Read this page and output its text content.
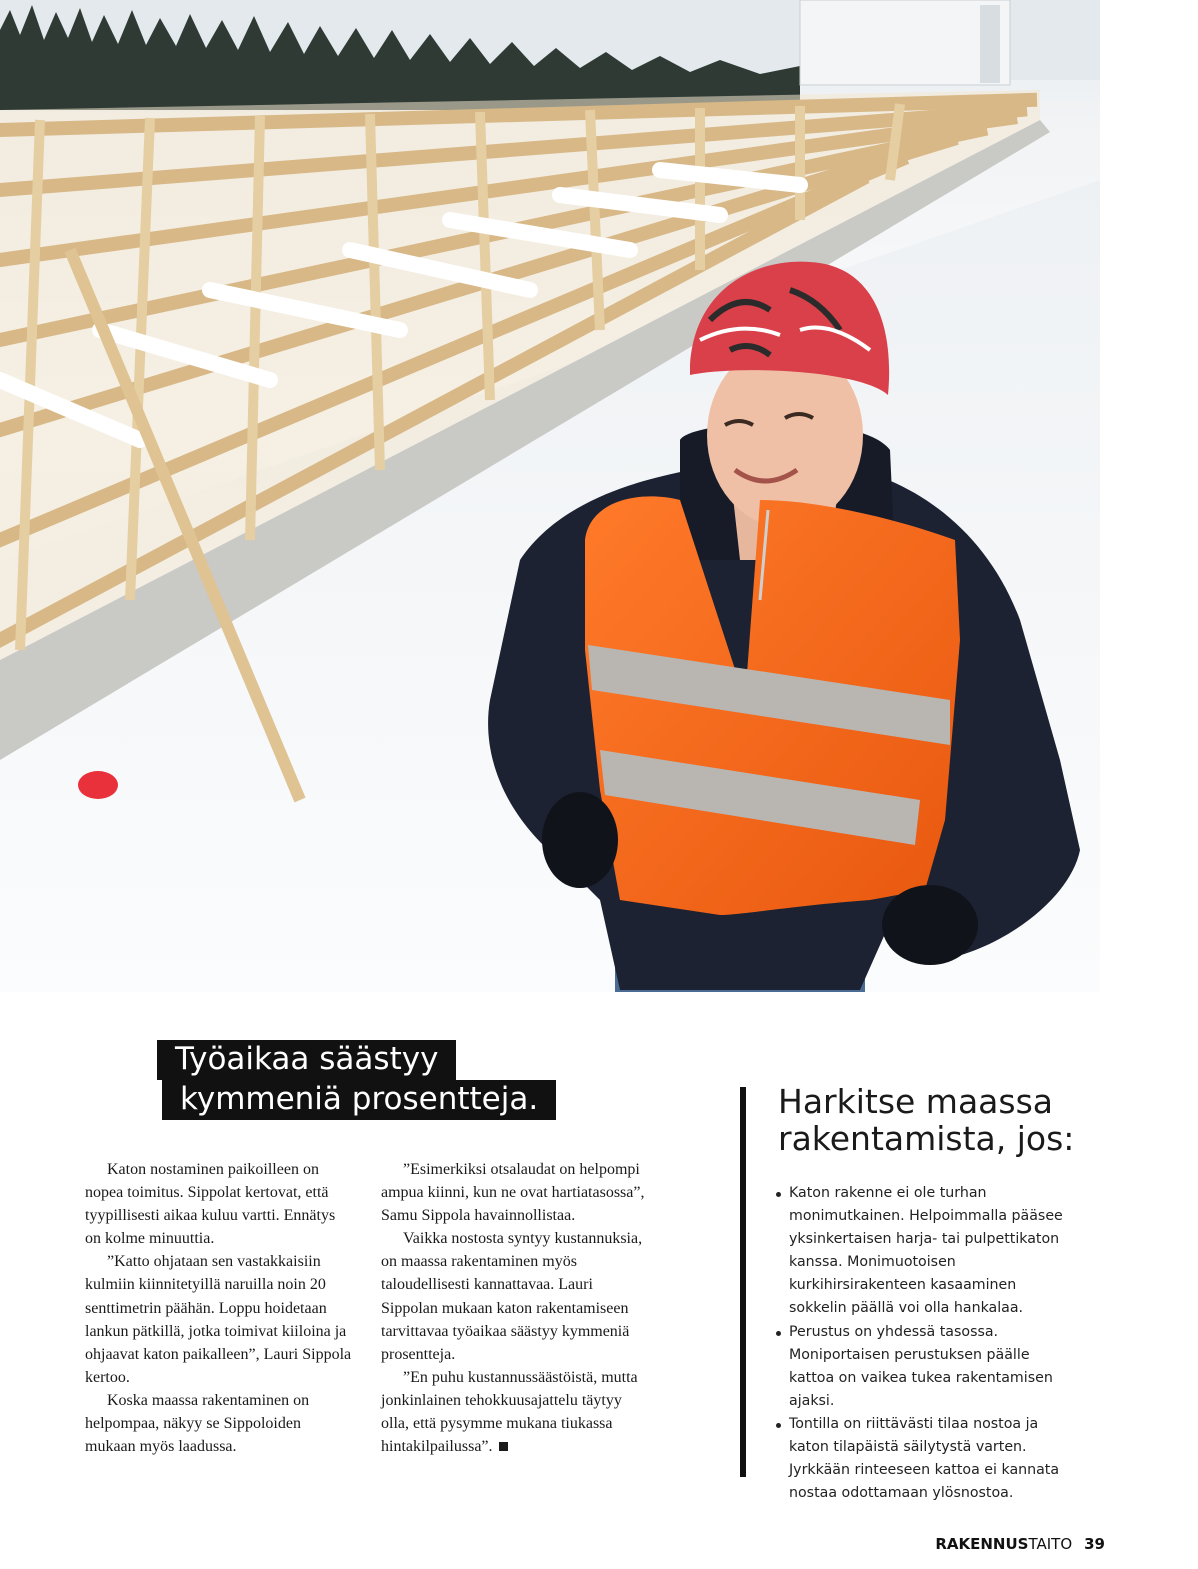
Työaikaa säästyy
kymmeniä prosentteja.

Katon nostaminen paikoilleen on nopea toimitus. Sippolat kertovat, että tyypillisesti aikaa kuluu vartti. Ennätys on kolme minuuttia.

”Katto ohjataan sen vastakkaisiin kulmiin kiinnitetyillä naruilla noin 20 senttimetrin päähän. Loppu hoidetaan lankun pätkillä, jotka toimivat kiiloina ja ohjaavat katon paikalleen”, Lauri Sippola kertoo.

Koska maassa rakentaminen on helpompaa, näkyy se Sippoloiden mukaan myös laadussa.

”Esimerkiksi otsalaudat on helpompi ampua kiinni, kun ne ovat hartiatasossa”, Samu Sippola havainnollistaa.

Vaikka nostosta syntyy kustannuksia, on maassa rakentaminen myös taloudellisesti kannattavaa. Lauri Sippolan mukaan katon rakentamiseen tarvittavaa työaikaa säästyy kymmeniä prosentteja.

”En puhu kustannussäästöistä, mutta jonkinlainen tehokkuusajattelu täytyy olla, että pysymme mukana tiukassa hintakilpailussa”.

Harkitse maassa
rakentamista, jos:
Katon rakenne ei ole turhan monimutkainen. Helpoimmalla pääsee yksinkertaisen harja- tai pulpettikaton kanssa. Monimuotoisen kurkihirsirakenteen kasaaminen sokkelin päällä voi olla hankalaa.
Perustus on yhdessä tasossa. Moniportaisen perustuksen päälle kattoa on vaikea tukea rakentamisen ajaksi.
Tontilla on riittävästi tilaa nostoa ja katon tilapäistä säilytystä varten. Jyrkkään rinteeseen kattoa ei kannata nostaa odottamaan ylösnostoa.
RAKENNUSTAITO 39
